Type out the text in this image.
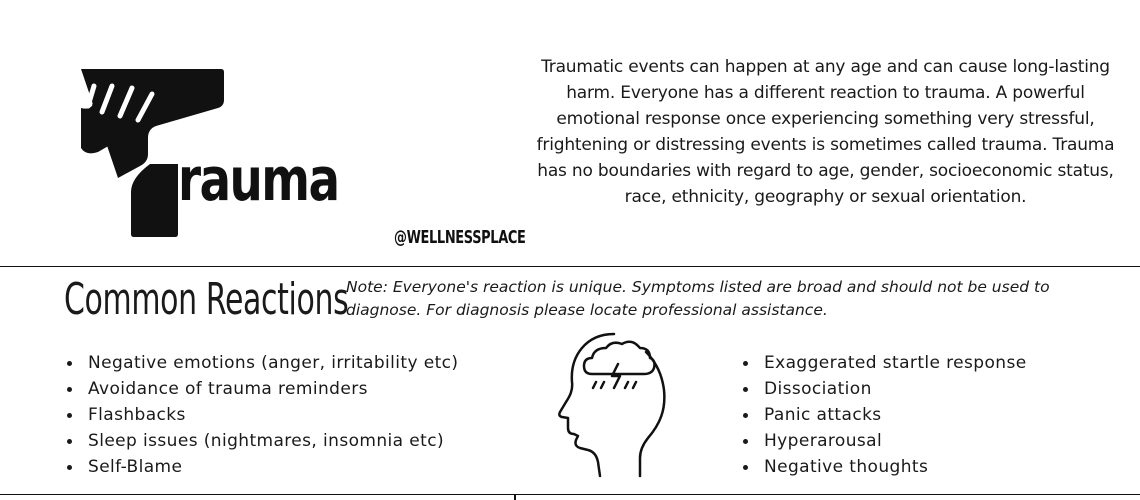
rauma
@WELLNESSPLACE
Traumatic events can happen at any age and can cause long-lasting harm. Everyone has a different reaction to trauma. A powerful emotional response once experiencing something very stressful, frightening or distressing events is sometimes called trauma. Trauma has no boundaries with regard to age, gender, socioeconomic status, race, ethnicity, geography or sexual orientation.
Common Reactions
Note: Everyone's reaction is unique. Symptoms listed are broad and should not be used to diagnose. For diagnosis please locate professional assistance.
Negative emotions (anger, irritability etc)
Avoidance of trauma reminders
Flashbacks
Sleep issues (nightmares, insomnia etc)
Self-Blame
Exaggerated startle response
Dissociation
Panic attacks
Hyperarousal
Negative thoughts
